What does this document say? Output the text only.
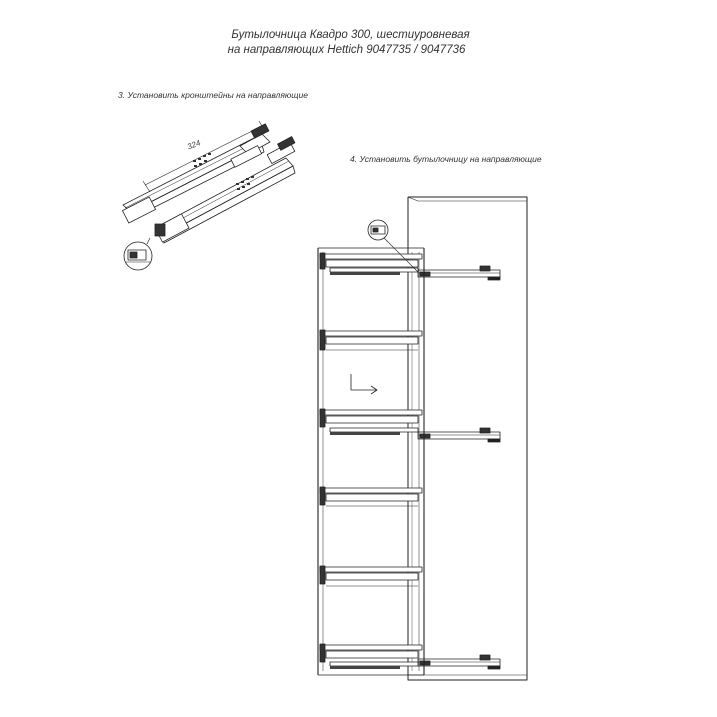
Бутылочница Квадро 300, шестиуровневая
на направляющих Hettich 9047735 / 9047736
3. Установить кронштейны на направляющие
4. Установить бутылочницу на направляющие
324
